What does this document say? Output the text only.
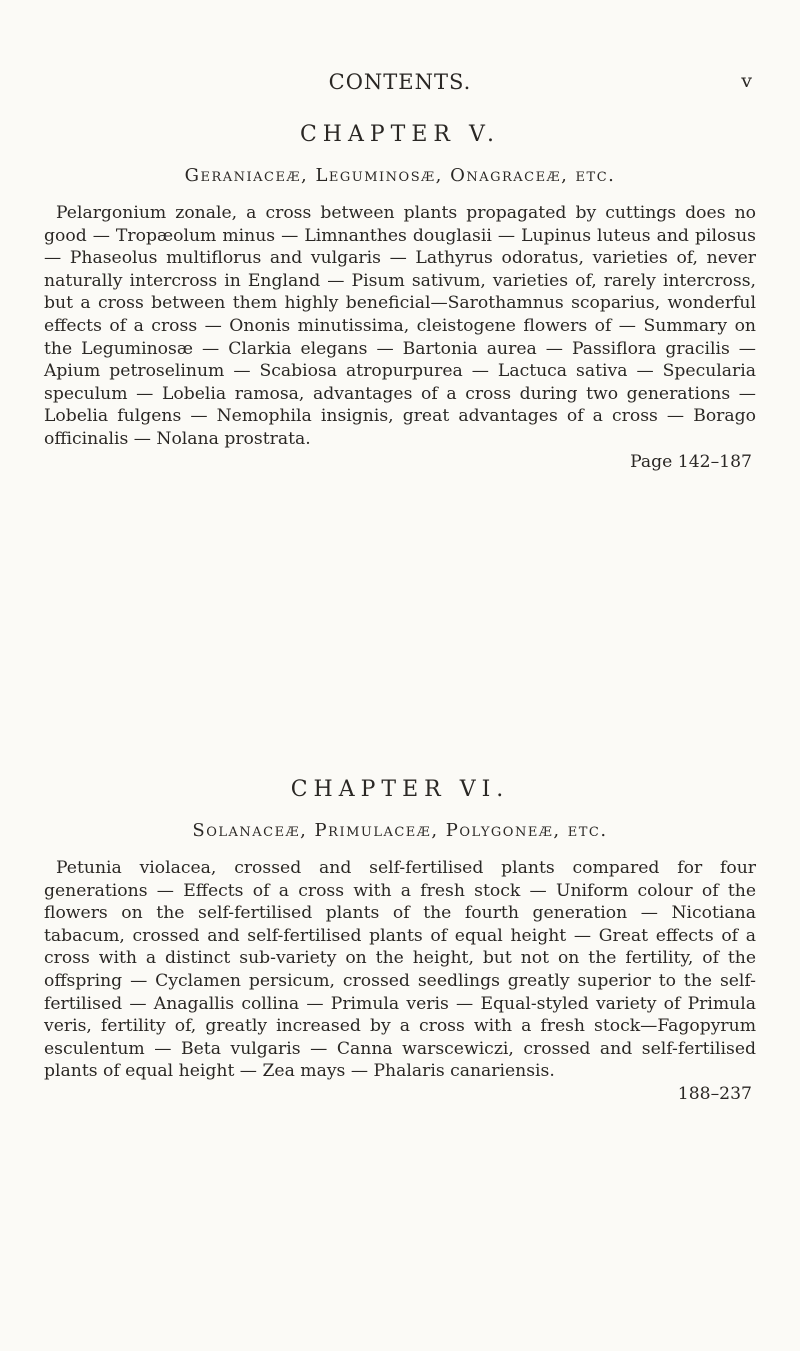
CONTENTS.	v
CHAPTER V.
Geraniaceæ, Leguminosæ, Onagraceæ, etc.

Pelargonium zonale, a cross between plants propagated by cuttings does no good — Tropæolum minus — Limnanthes douglasii — Lupinus luteus and pilosus — Phaseolus multiflorus and vulgaris — Lathyrus odoratus, varieties of, never naturally intercross in England — Pisum sativum, varieties of, rarely intercross, but a cross between them highly beneficial—Sarothamnus scoparius, wonderful effects of a cross — Ononis minutissima, cleistogene flowers of — Summary on the Leguminosæ — Clarkia elegans — Bartonia aurea — Passiflora gracilis — Apium petroselinum — Scabiosa atropurpurea — Lactuca sativa — Specularia speculum — Lobelia ramosa, advantages of a cross during two generations — Lobelia fulgens — Nemophila insignis, great advantages of a cross — Borago officinalis — Nolana prostrata.

Page 142–187

CHAPTER VI.
Solanaceæ, Primulaceæ, Polygoneæ, etc.

Petunia violacea, crossed and self-fertilised plants compared for four generations — Effects of a cross with a fresh stock — Uniform colour of the flowers on the self-fertilised plants of the fourth generation — Nicotiana tabacum, crossed and self-fertilised plants of equal height — Great effects of a cross with a distinct sub-variety on the height, but not on the fertility, of the offspring — Cyclamen persicum, crossed seedlings greatly superior to the self-fertilised — Anagallis collina — Primula veris — Equal-styled variety of Primula veris, fertility of, greatly increased by a cross with a fresh stock—Fagopyrum esculentum — Beta vulgaris — Canna warscewiczi, crossed and self-fertilised plants of equal height — Zea mays — Phalaris canariensis.

188–237
